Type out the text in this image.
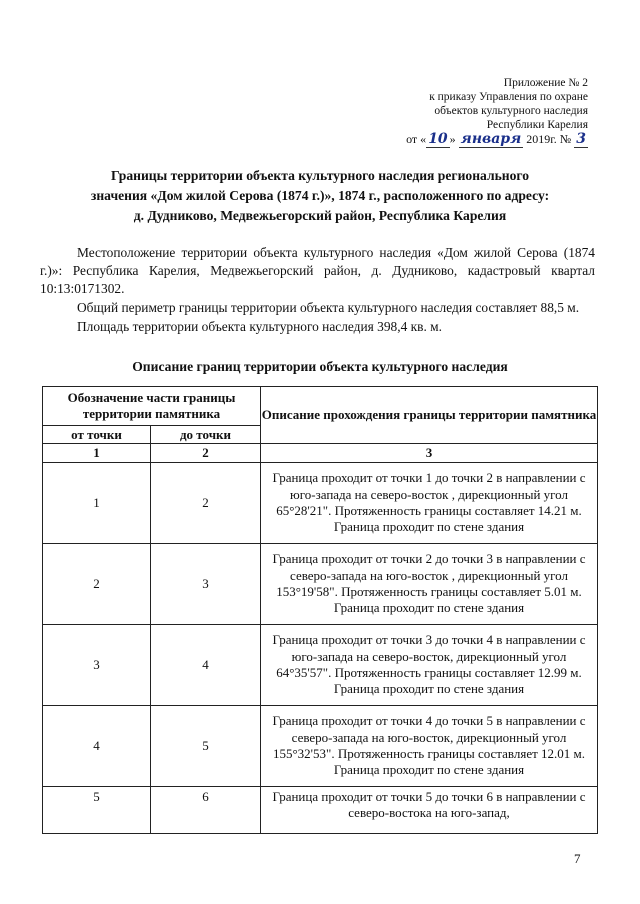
Приложение № 2
к приказу Управления по охране
объектов культурного наследия
Республики Карелия
от « 10 » января 2019г. № 3
Границы территории объекта культурного наследия регионального
значения «Дом жилой Серова (1874 г.)», 1874 г., расположенного по адресу:
д. Дудниково, Медвежьегорский район, Республика Карелия

Местоположение территории объекта культурного наследия «Дом жилой Серова (1874 г.)»: Республика Карелия, Медвежьегорский район, д. Дудниково, кадастровый квартал 10:13:0171302.

Общий периметр границы территории объекта культурного наследия составляет 88,5 м.

Площадь территории объекта культурного наследия 398,4 кв. м.

Описание границ территории объекта культурного наследия
Обозначение части границы территории памятника		Описание прохождения границы территории памятника
от точки	до точки	
1	2	3
1	2	Граница проходит от точки 1 до точки 2 в направлении с юго-запада на северо-восток , дирекционный угол 65°28'21". Протяженность границы составляет 14.21 м. Граница проходит по стене здания
2	3	Граница проходит от точки 2 до точки 3 в направлении с северо-запада на юго-восток , дирекционный угол 153°19'58". Протяженность границы составляет 5.01 м. Граница проходит по стене здания
3	4	Граница проходит от точки 3 до точки 4 в направлении с юго-запада на северо-восток, дирекционный угол 64°35'57". Протяженность границы составляет 12.99 м. Граница проходит по стене здания
4	5	Граница проходит от точки 4 до точки 5 в направлении с северо-запада на юго-восток, дирекционный угол 155°32'53". Протяженность границы составляет 12.01 м. Граница проходит по стене здания
5	6	Граница проходит от точки 5 до точки 6 в направлении с северо-востока на юго-запад,
7
